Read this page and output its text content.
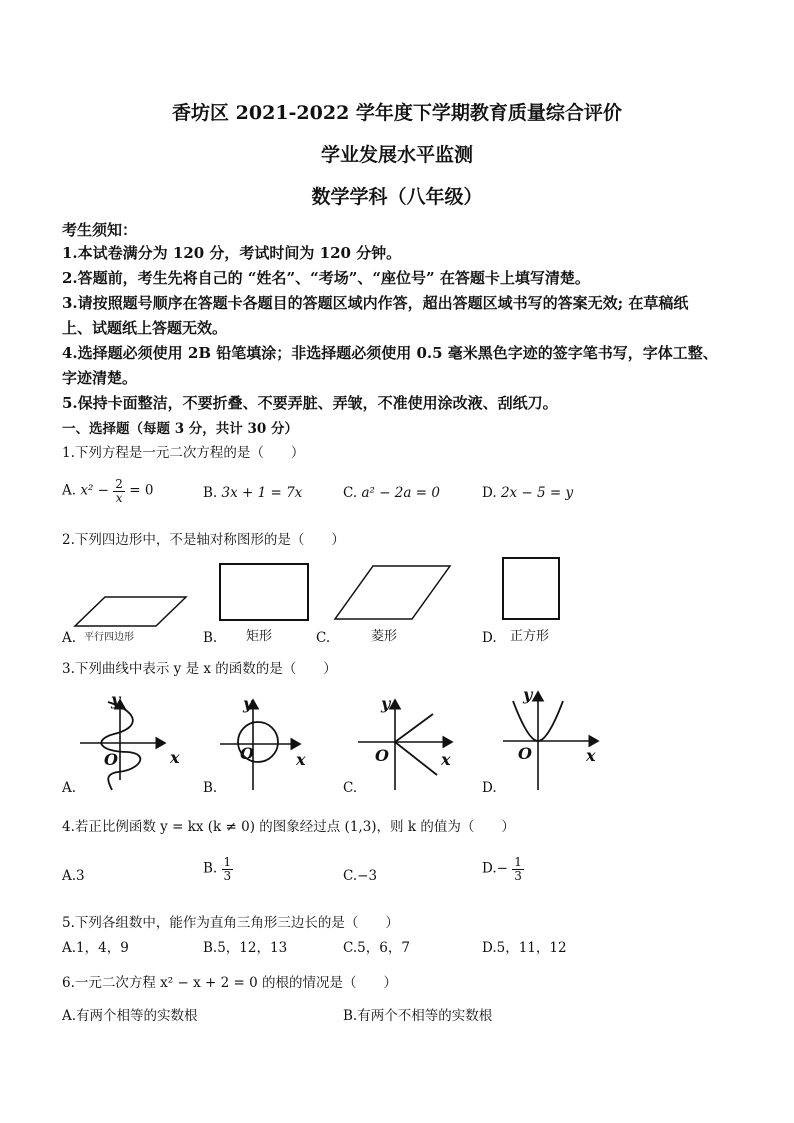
香坊区 2021-2022 学年度下学期教育质量综合评价
学业发展水平监测
数学学科（八年级）
考生须知：
1.本试卷满分为 120 分，考试时间为 120 分钟。
2.答题前，考生先将自己的 “姓名”、“考场”、“座位号” 在答题卡上填写清楚。
3.请按照题号顺序在答题卡各题目的答题区域内作答，超出答题区域书写的答案无效; 在草稿纸
上、试题纸上答题无效。
4.选择题必须使用 2B 铅笔填涂；非选择题必须使用 0.5 毫米黑色字迹的签字笔书写，字体工整、
字迹清楚。
5.保持卡面整洁，不要折叠、不要弄脏、弄皱，不准使用涂改液、刮纸刀。
一、选择题（每题 3 分，共计 30 分）
1.下列方程是一元二次方程的是（　　）
A. $x^2 - \frac{2}{x} = 0$	B. 3x + 1 = 7x	C. a² − 2a = 0	D. 2x − 5 = y
2.下列四边形中，不是轴对称图形的是（　　）
A. 平行四边形	B. 矩形	C.	菱形	D. 正方形
3.下列曲线中表示 y 是 x 的函数的是（　　）
y
x
O
A.
y
x
O
B.
y
x
O
C.
y
x
O
D.
4.若正比例函数 y = kx (k ≠ 0) 的图象经过点 (1,3)，则 k 的值为（　　）
A.3	B. $\frac{1}{3}$	C.−3	$D.- \frac{1}{3}$
5.下列各组数中，能作为直角三角形三边长的是（　　）
A.1，4，9	B.5，12，13	C.5，6，7	D.5，11，12
6.一元二次方程 x² − x + 2 = 0 的根的情况是（　　）
A.有两个相等的实数根	B.有两个不相等的实数根
